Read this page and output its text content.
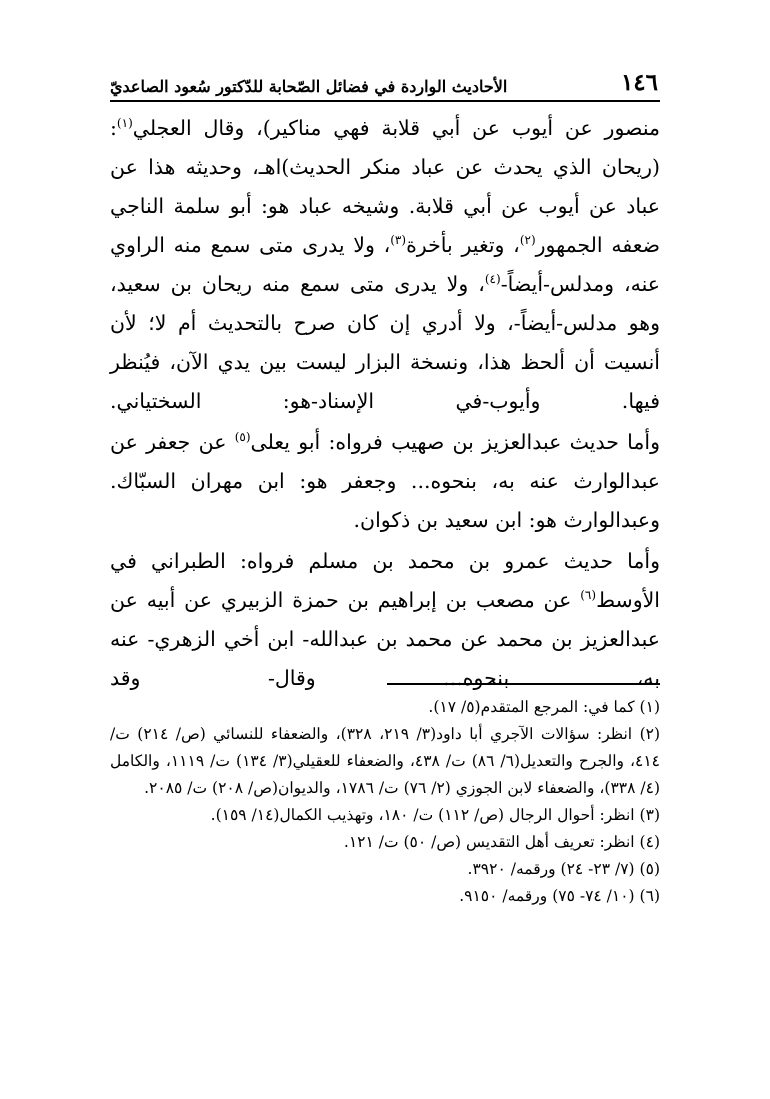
١٤٦
الأحاديث الواردة في فضائل الصّحابة للدّكتور سُعود الصاعديّ

منصور عن أيوب عن أبي قلابة فهي مناكير)، وقال العجلي$^{(١)}$: (ريحان الذي يحدث عن عباد منكر الحديث)اهـ، وحديثه هذا عن عباد عن أيوب عن أبي قلابة. وشيخه عباد هو: أبو سلمة الناجي ضعفه الجمهور$^{(٢)}$، وتغير بأخرة$^{(٣)}$، ولا يدرى متى سمع منه الراوي عنه، ومدلس-أيضاً-$^{(٤)}$، ولا يدرى متى سمع منه ريحان بن سعيد، وهو مدلس-أيضاً-، ولا أدري إن كان صرح بالتحديث أم لا؛ لأن أنسيت أن ألحظ هذا، ونسخة البزار ليست بين يدي الآن، فيُنظر فيها. وأيوب-في الإسناد-هو: السختياني.

وأما حديث عبدالعزيز بن صهيب فرواه: أبو يعلى$^{(٥)}$ عن جعفر عن عبدالوارث عنه به، بنحوه... وجعفر هو: ابن مهران السبّاك. وعبدالوارث هو: ابن سعيد بن ذكوان.

وأما حديث عمرو بن محمد بن مسلم فرواه: الطبراني في الأوسط$^{(٦)}$ عن مصعب بن إبراهيم بن حمزة الزبيري عن أبيه عن عبدالعزيز بن محمد عن محمد بن عبدالله- ابن أخي الزهري- عنه به، بنحوه... وقال- وقد

(١) كما في: المرجع المتقدم(٥/ ١٧).
(٢) انظر: سؤالات الآجري أبا داود(٣/ ٢١٩، ٣٢٨)، والضعفاء للنسائي (ص/ ٢١٤) ت/ ٤١٤، والجرح والتعديل(٦/ ٨٦) ت/ ٤٣٨، والضعفاء للعقيلي(٣/ ١٣٤) ت/ ١١١٩، والكامل (٤/ ٣٣٨)، والضعفاء لابن الجوزي (٢/ ٧٦) ت/ ١٧٨٦، والديوان(ص/ ٢٠٨) ت/ ٢٠٨٥.
(٣) انظر: أحوال الرجال (ص/ ١١٢) ت/ ١٨٠، وتهذيب الكمال(١٤/ ١٥٩).
(٤) انظر: تعريف أهل التقديس (ص/ ٥٠) ت/ ١٢١.
(٥) (٧/ ٢٣- ٢٤) ورقمه/ ٣٩٢٠.
(٦) (١٠/ ٧٤- ٧٥) ورقمه/ ٩١٥٠.
